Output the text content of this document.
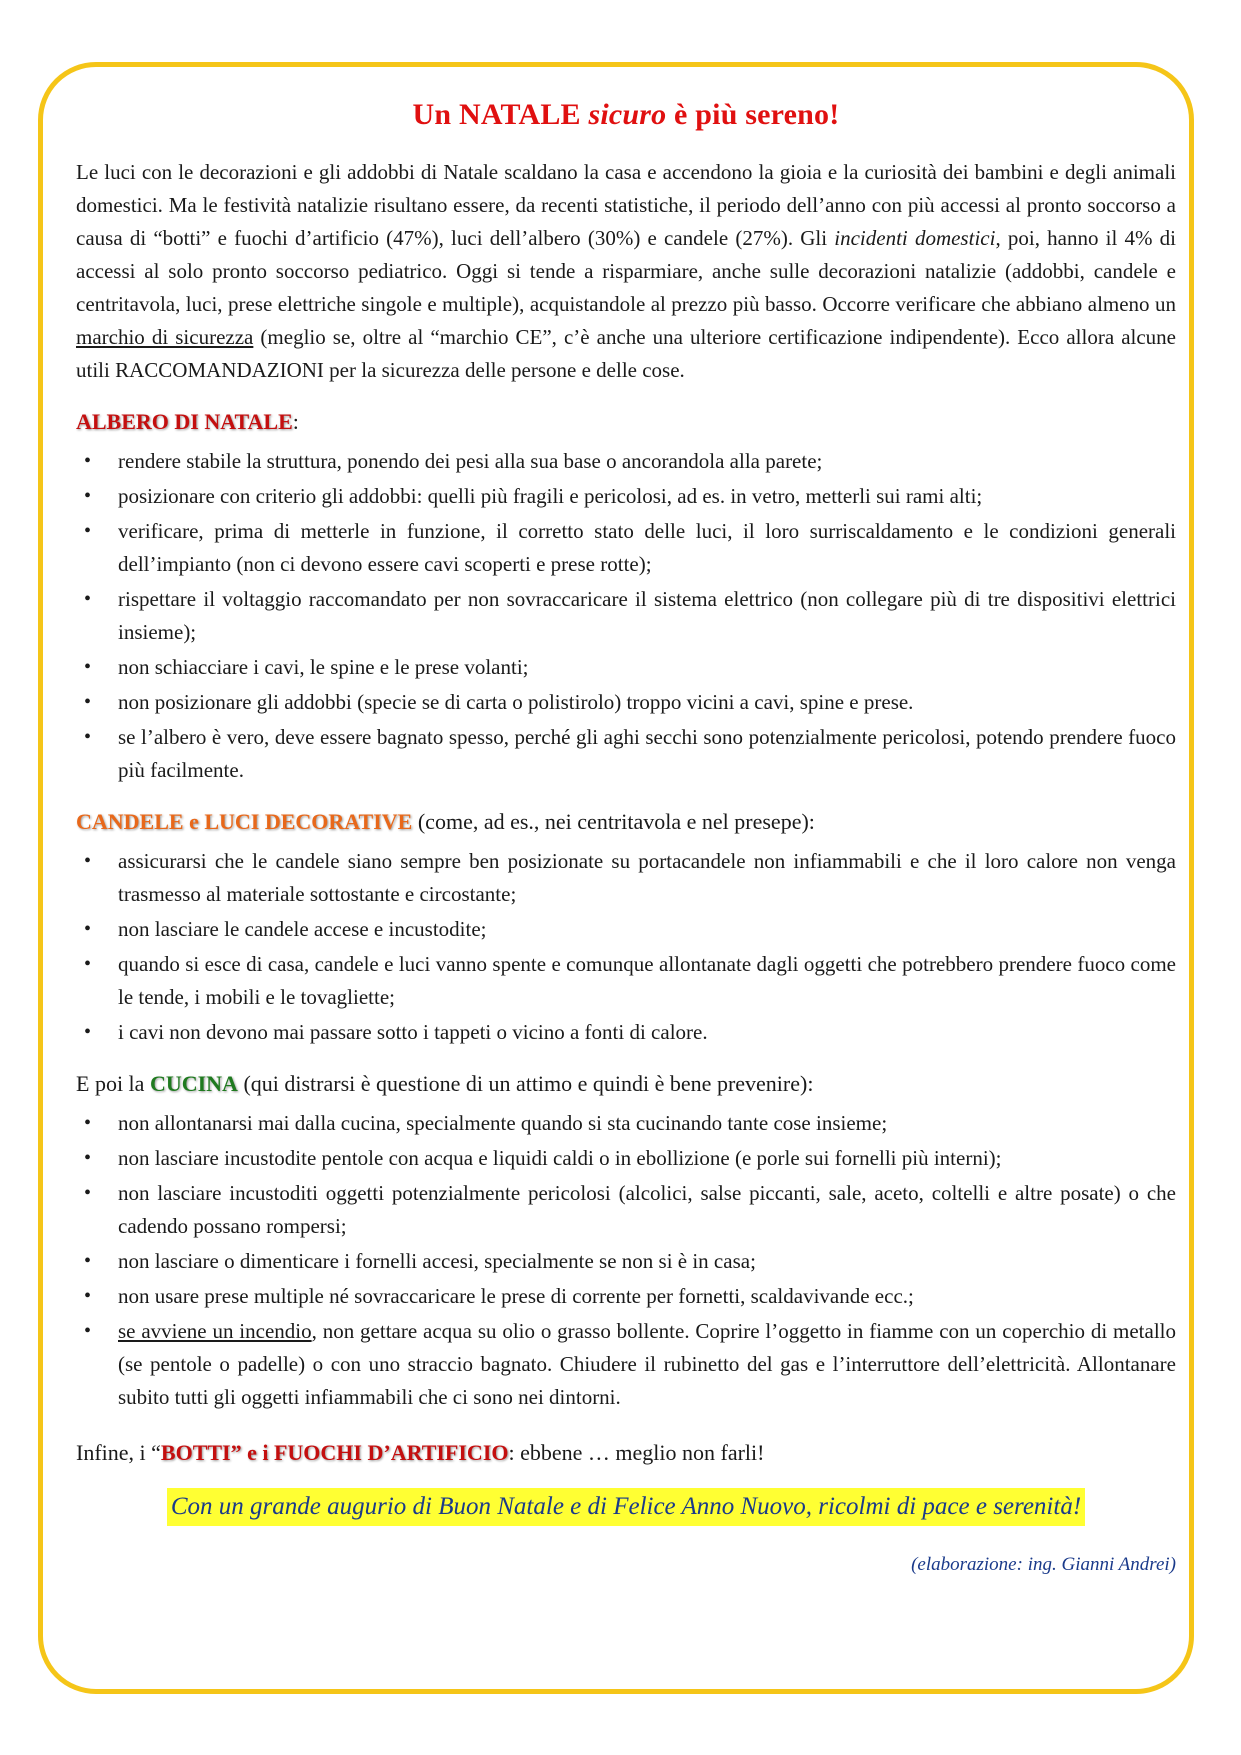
Un NATALE sicuro è più sereno!

Le luci con le decorazioni e gli addobbi di Natale scaldano la casa e accendono la gioia e la curiosità dei bambini e degli animali domestici. Ma le festività natalizie risultano essere, da recenti statistiche, il periodo dell’anno con più accessi al pronto soccorso a causa di “botti” e fuochi d’artificio (47%), luci dell’albero (30%) e candele (27%). Gli incidenti domestici, poi, hanno il 4% di accessi al solo pronto soccorso pediatrico. Oggi si tende a risparmiare, anche sulle decorazioni natalizie (addobbi, candele e centritavola, luci, prese elettriche singole e multiple), acquistandole al prezzo più basso. Occorre verificare che abbiano almeno un marchio di sicurezza (meglio se, oltre al “marchio CE”, c’è anche una ulteriore certificazione indipendente). Ecco allora alcune utili RACCOMANDAZIONI per la sicurezza delle persone e delle cose.

ALBERO DI NATALE:
• rendere stabile la struttura, ponendo dei pesi alla sua base o ancorandola alla parete;
• posizionare con criterio gli addobbi: quelli più fragili e pericolosi, ad es. in vetro, metterli sui rami alti;
• verificare, prima di metterle in funzione, il corretto stato delle luci, il loro surriscaldamento e le condizioni generali dell’impianto (non ci devono essere cavi scoperti e prese rotte);
• rispettare il voltaggio raccomandato per non sovraccaricare il sistema elettrico (non collegare più di tre dispositivi elettrici insieme);
• non schiacciare i cavi, le spine e le prese volanti;
• non posizionare gli addobbi (specie se di carta o polistirolo) troppo vicini a cavi, spine e prese.
• se l’albero è vero, deve essere bagnato spesso, perché gli aghi secchi sono potenzialmente pericolosi, potendo prendere fuoco più facilmente.
CANDELE e LUCI DECORATIVE (come, ad es., nei centritavola e nel presepe):
• assicurarsi che le candele siano sempre ben posizionate su portacandele non infiammabili e che il loro calore non venga trasmesso al materiale sottostante e circostante;
• non lasciare le candele accese e incustodite;
• quando si esce di casa, candele e luci vanno spente e comunque allontanate dagli oggetti che potrebbero prendere fuoco come le tende, i mobili e le tovagliette;
• i cavi non devono mai passare sotto i tappeti o vicino a fonti di calore.
E poi la CUCINA (qui distrarsi è questione di un attimo e quindi è bene prevenire):
• non allontanarsi mai dalla cucina, specialmente quando si sta cucinando tante cose insieme;
• non lasciare incustodite pentole con acqua e liquidi caldi o in ebollizione (e porle sui fornelli più interni);
• non lasciare incustoditi oggetti potenzialmente pericolosi (alcolici, salse piccanti, sale, aceto, coltelli e altre posate) o che cadendo possano rompersi;
• non lasciare o dimenticare i fornelli accesi, specialmente se non si è in casa;
• non usare prese multiple né sovraccaricare le prese di corrente per fornetti, scaldavivande ecc.;
• se avviene un incendio, non gettare acqua su olio o grasso bollente. Coprire l’oggetto in fiamme con un coperchio di metallo (se pentole o padelle) o con uno straccio bagnato. Chiudere il rubinetto del gas e l’interruttore dell’elettricità. Allontanare subito tutti gli oggetti infiammabili che ci sono nei dintorni.
Infine, i “BOTTI” e i FUOCHI D’ARTIFICIO: ebbene … meglio non farli!
Con un grande augurio di Buon Natale e di Felice Anno Nuovo, ricolmi di pace e serenità!
(elaborazione: ing. Gianni Andrei)
